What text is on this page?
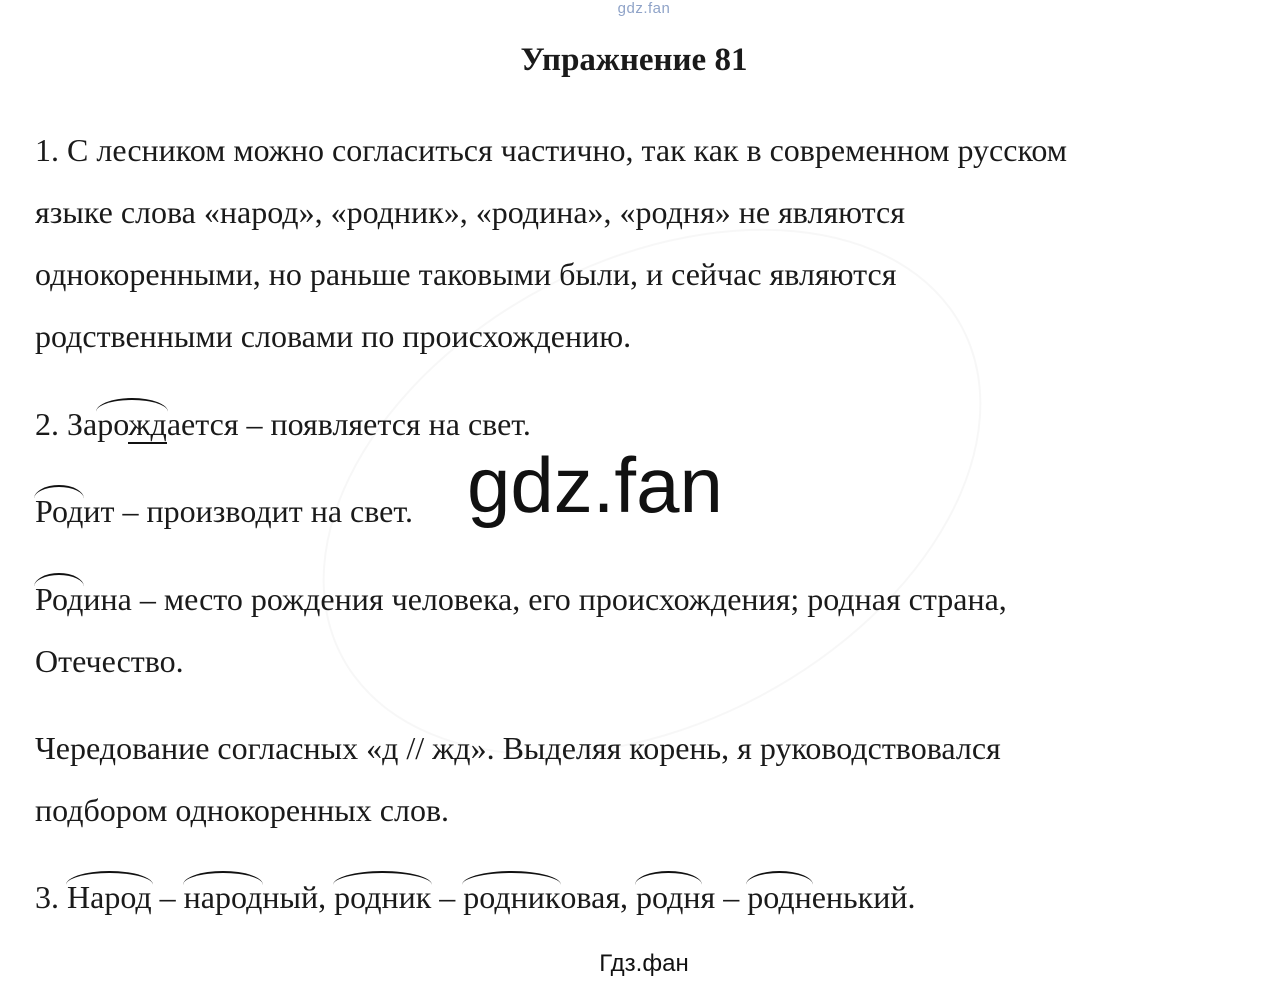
gdz.fan
Упражнение 81
1. С лесником можно согласиться частично, так как в современном русском
языке слова «народ», «родник», «родина», «родня» не являются
однокоренными, но раньше таковыми были, и сейчас являются
родственными словами по происхождению.
2. Зарождается – появляется на свет.
Родит – производит на свет.
Родина – место рождения человека, его происхождения; родная страна,
Отечество.
Чередование согласных «д // жд». Выделяя корень, я руководствовался
подбором однокоренных слов.
3. Народ – народный, родник – родниковая, родня – родненький.
gdz.fan
Гдз.фан
